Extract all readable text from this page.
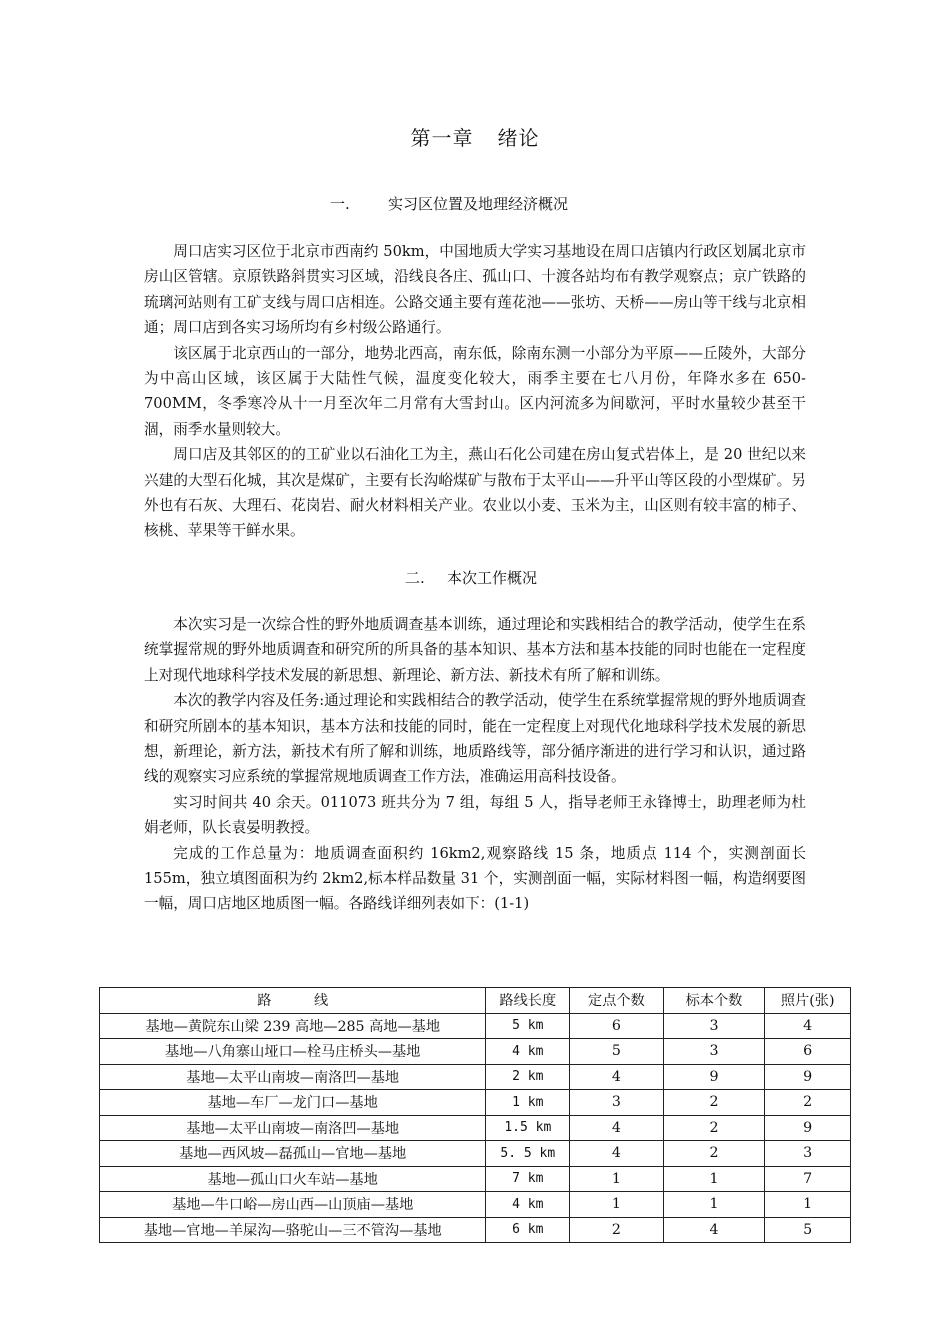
第一章 绪论
一.	实习区位置及地理经济概况

周口店实习区位于北京市西南约 50km，中国地质大学实习基地设在周口店镇内行政区划属北京市房山区管辖。京原铁路斜贯实习区域，沿线良各庄、孤山口、十渡各站均布有教学观察点；京广铁路的琉璃河站则有工矿支线与周口店相连。公路交通主要有莲花池——张坊、天桥——房山等干线与北京相通；周口店到各实习场所均有乡村级公路通行。

该区属于北京西山的一部分，地势北西高，南东低，除南东测一小部分为平原——丘陵外，大部分为中高山区域，该区属于大陆性气候，温度变化较大，雨季主要在七八月份，年降水多在 650-700MM，冬季寒冷从十一月至次年二月常有大雪封山。区内河流多为间歇河，平时水量较少甚至干涸，雨季水量则较大。

周口店及其邻区的的工矿业以石油化工为主，燕山石化公司建在房山复式岩体上，是 20 世纪以来兴建的大型石化城，其次是煤矿，主要有长沟峪煤矿与散布于太平山——升平山等区段的小型煤矿。另外也有石灰、大理石、花岗岩、耐火材料相关产业。农业以小麦、玉米为主，山区则有较丰富的柿子、核桃、苹果等干鲜水果。

二. 本次工作概况

本次实习是一次综合性的野外地质调查基本训练，通过理论和实践相结合的教学活动，使学生在系统掌握常规的野外地质调查和研究所的所具备的基本知识、基本方法和基本技能的同时也能在一定程度上对现代地球科学技术发展的新思想、新理论、新方法、新技术有所了解和训练。

本次的教学内容及任务:通过理论和实践相结合的教学活动，使学生在系统掌握常规的野外地质调查和研究所剧本的基本知识，基本方法和技能的同时，能在一定程度上对现代化地球科学技术发展的新思想，新理论，新方法，新技术有所了解和训练，地质路线等，部分循序渐进的进行学习和认识，通过路线的观察实习应系统的掌握常规地质调查工作方法，准确运用高科技设备。

实习时间共 40 余天。011073 班共分为 7 组，每组 5 人，指导老师王永锋博士，助理老师为杜娟老师，队长袁晏明教授。

完成的工作总量为：地质调查面积约 16km2,观察路线 15 条，地质点 114 个，实测剖面长 155m，独立填图面积为约 2km2,标本样品数量 31 个，实测剖面一幅，实际材料图一幅，构造纲要图一幅，周口店地区地质图一幅。各路线详细列表如下：(1-1)

路　　　线	路线长度	定点个数	标本个数	照片(张)
基地—黄院东山梁 239 高地—285 高地—基地	5 km	6	3	4
基地—八角寨山垭口—栓马庄桥头—基地	4 km	5	3	6
基地—太平山南坡—南洛凹—基地	2 km	4	9	9
基地—车厂—龙门口—基地	1 km	3	2	2
基地—太平山南坡—南洛凹—基地	1.5 km	4	2	9
基地—西风坡—磊孤山—官地—基地	5. 5 km	4	2	3
基地—孤山口火车站—基地	7 km	1	1	7
基地—牛口峪—房山西—山顶庙—基地	4 km	1	1	1
基地—官地—羊屎沟—骆驼山—三不管沟—基地	6 km	2	4	5
